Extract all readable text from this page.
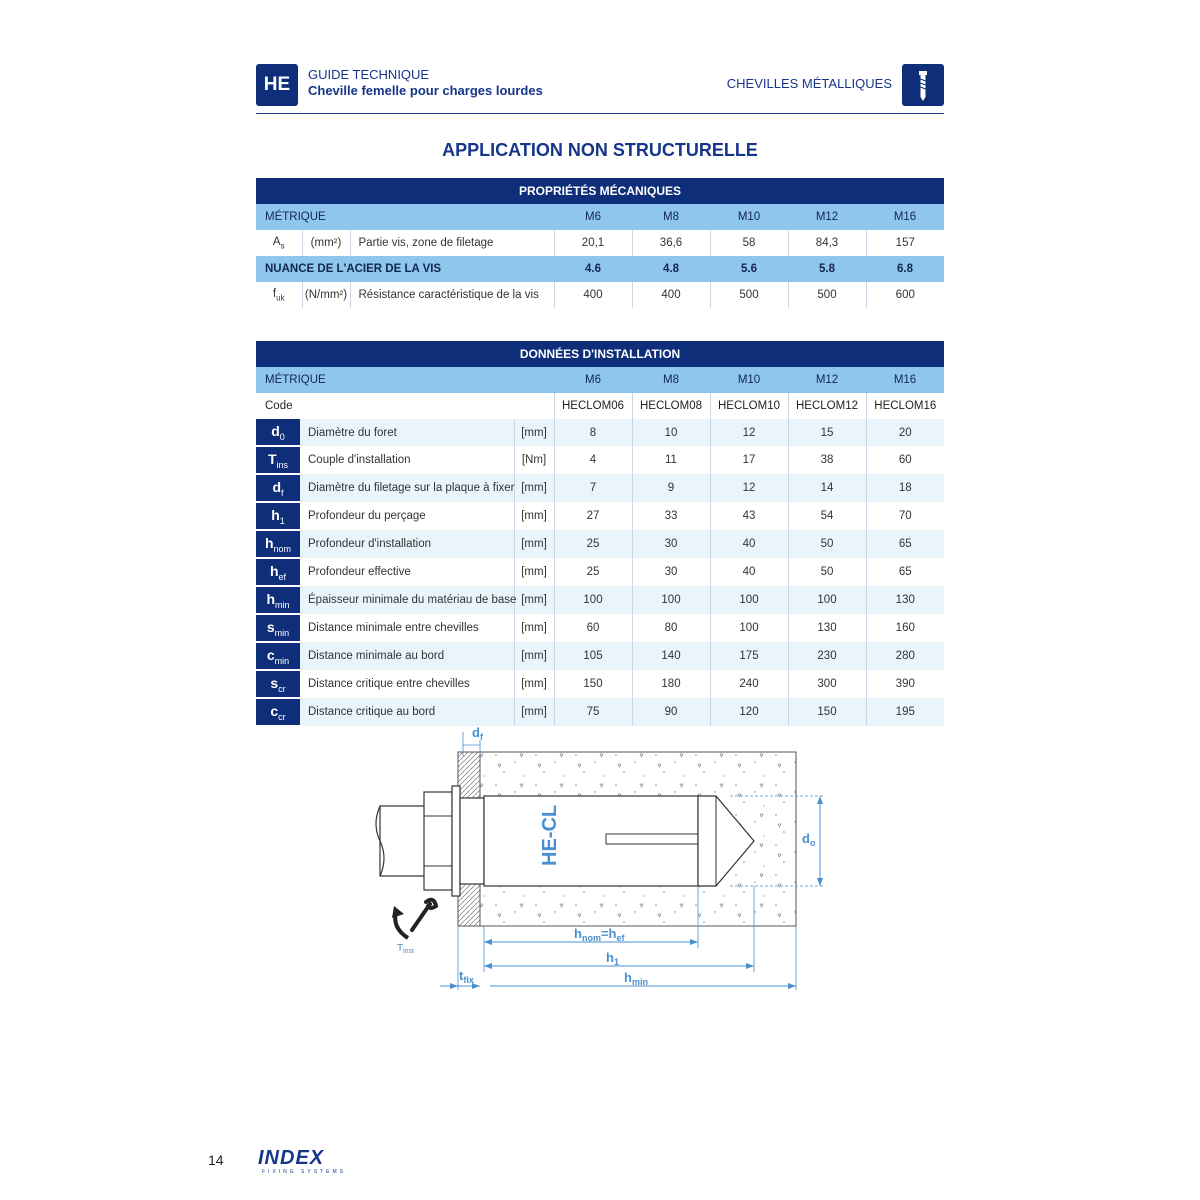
HE	GUIDE TECHNIQUE
Cheville femelle pour charges lourdes	CHEVILLES MÉTALLIQUES
APPLICATION NON STRUCTURELLE
PROPRIÉTÉS MÉCANIQUES							
MÉTRIQUE			M6	M8	M10	M12	M16
$A_s$	(mm²)	Partie vis, zone de filetage	20,1	36,6	58	84,3	157
NUANCE DE L'ACIER DE LA VIS			4.6	4.8	5.6	5.8	6.8
$f_{uk}$	(N/mm²)	Résistance caractéristique de la vis	400	400	500	500	600
DONNÉES D'INSTALLATION							
MÉTRIQUE			M6	M8	M10	M12	M16
Code			HECLOM06	HECLOM08	HECLOM10	HECLOM12	HECLOM16
$d_0$	Diamètre du foret	[mm]	8	10	12	15	20
$T_{ins}$	Couple d'installation	[Nm]	4	11	17	38	60
$d_f$	Diamètre du filetage sur la plaque à fixer	[mm]	7	9	12	14	18
$h_1$	Profondeur du perçage	[mm]	27	33	43	54	70
$h_{nom}$	Profondeur d'installation	[mm]	25	30	40	50	65
$h_{ef}$	Profondeur effective	[mm]	25	30	40	50	65
$h_{min}$	Épaisseur minimale du matériau de base	[mm]	100	100	100	100	130
$s_{min}$	Distance minimale entre chevilles	[mm]	60	80	100	130	160
$c_{min}$	Distance minimale au bord	[mm]	105	140	175	230	280
$s_{cr}$	Distance critique entre chevilles	[mm]	150	180	240	300	390
$c_{cr}$	Distance critique au bord	[mm]	75	90	120	150	195
HE-CL
$d_f$
$d_o$
$h_{nom}=h_{ef}$
$h_1$
$h_{min}$
$t_{fix}$
$T_{inst}$
14 INDEX
FIXING SYSTEMS
